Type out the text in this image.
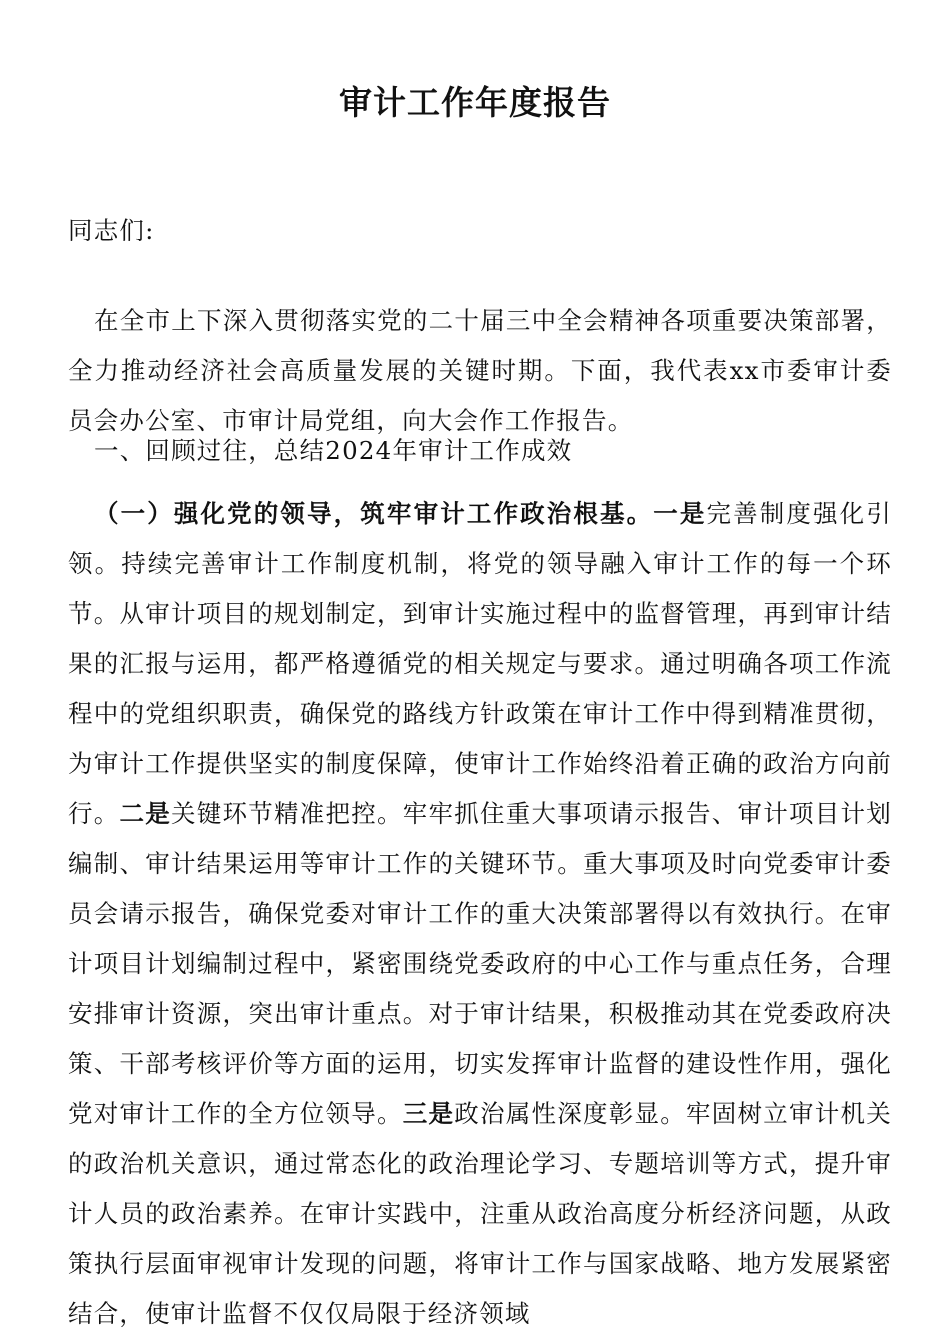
审计工作年度报告
同志们:
在全市上下深入贯彻落实党的二十届三中全会精神各项重要决策部署，全力推动经济社会高质量发展的关键时期。下面，我代表xx市委审计委员会办公室、市审计局党组，向大会作工作报告。
一、回顾过往，总结2024年审计工作成效
（一）强化党的领导，筑牢审计工作政治根基。一是完善制度强化引领。持续完善审计工作制度机制，将党的领导融入审计工作的每一个环节。从审计项目的规划制定，到审计实施过程中的监督管理，再到审计结果的汇报与运用，都严格遵循党的相关规定与要求。通过明确各项工作流程中的党组织职责，确保党的路线方针政策在审计工作中得到精准贯彻，为审计工作提供坚实的制度保障，使审计工作始终沿着正确的政治方向前行。二是关键环节精准把控。牢牢抓住重大事项请示报告、审计项目计划编制、审计结果运用等审计工作的关键环节。重大事项及时向党委审计委员会请示报告，确保党委对审计工作的重大决策部署得以有效执行。在审计项目计划编制过程中，紧密围绕党委政府的中心工作与重点任务，合理安排审计资源，突出审计重点。对于审计结果，积极推动其在党委政府决策、干部考核评价等方面的运用，切实发挥审计监督的建设性作用，强化党对审计工作的全方位领导。三是政治属性深度彰显。牢固树立审计机关的政治机关意识，通过常态化的政治理论学习、专题培训等方式，提升审计人员的政治素养。在审计实践中，注重从政治高度分析经济问题，从政策执行层面审视审计发现的问题，将审计工作与国家战略、地方发展紧密结合，使审计监督不仅仅局限于经济领域
